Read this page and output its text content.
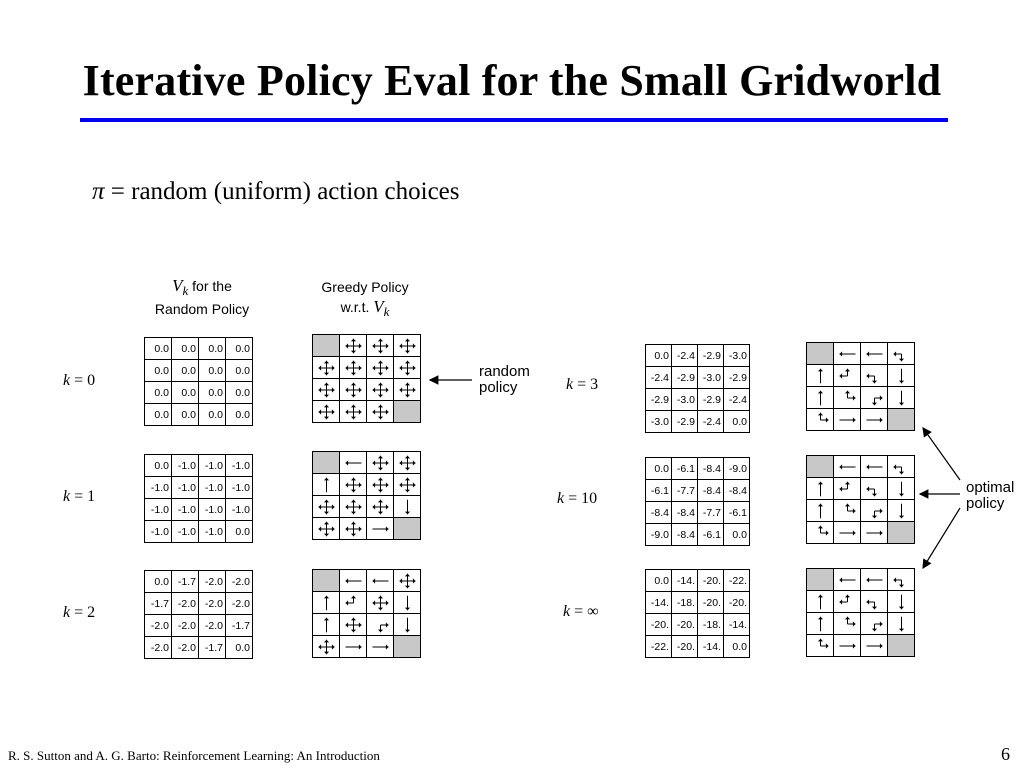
Iterative Policy Eval for the Small Gridworld
π = random (uniform) action choices
$V_k$ for the
Random Policy
Greedy Policy
w.r.t. $V_k$
k = 0
0.0	0.0	0.0	0.0
0.0	0.0	0.0	0.0
0.0	0.0	0.0	0.0
0.0	0.0	0.0	0.0
k = 1
0.0 -1.0 -1.0 -1.0
-1.0 -1.0 -1.0 -1.0
-1.0 -1.0 -1.0 -1.0
-1.0 -1.0 -1.0	0.0
k = 2
0.0 -1.7 -2.0 -2.0
-1.7 -2.0 -2.0 -2.0
-2.0 -2.0 -2.0 -1.7
-2.0 -2.0 -1.7	0.0
k = 3
0.0 -2.4 -2.9 -3.0
-2.4 -2.9 -3.0 -2.9
-2.9 -3.0 -2.9 -2.4
-3.0 -2.9 -2.4	0.0
k = 10
0.0 -6.1 -8.4 -9.0
-6.1 -7.7 -8.4 -8.4
-8.4 -8.4 -7.7 -6.1
-9.0 -8.4 -6.1	0.0
k = ∞
0.0 -14. -20. -22.
-14. -18. -20. -20.
-20. -20. -18. -14.
-22. -20. -14.	0.0
random
policy
optimal
policy
R. S. Sutton and A. G. Barto: Reinforcement Learning: An Introduction	6
